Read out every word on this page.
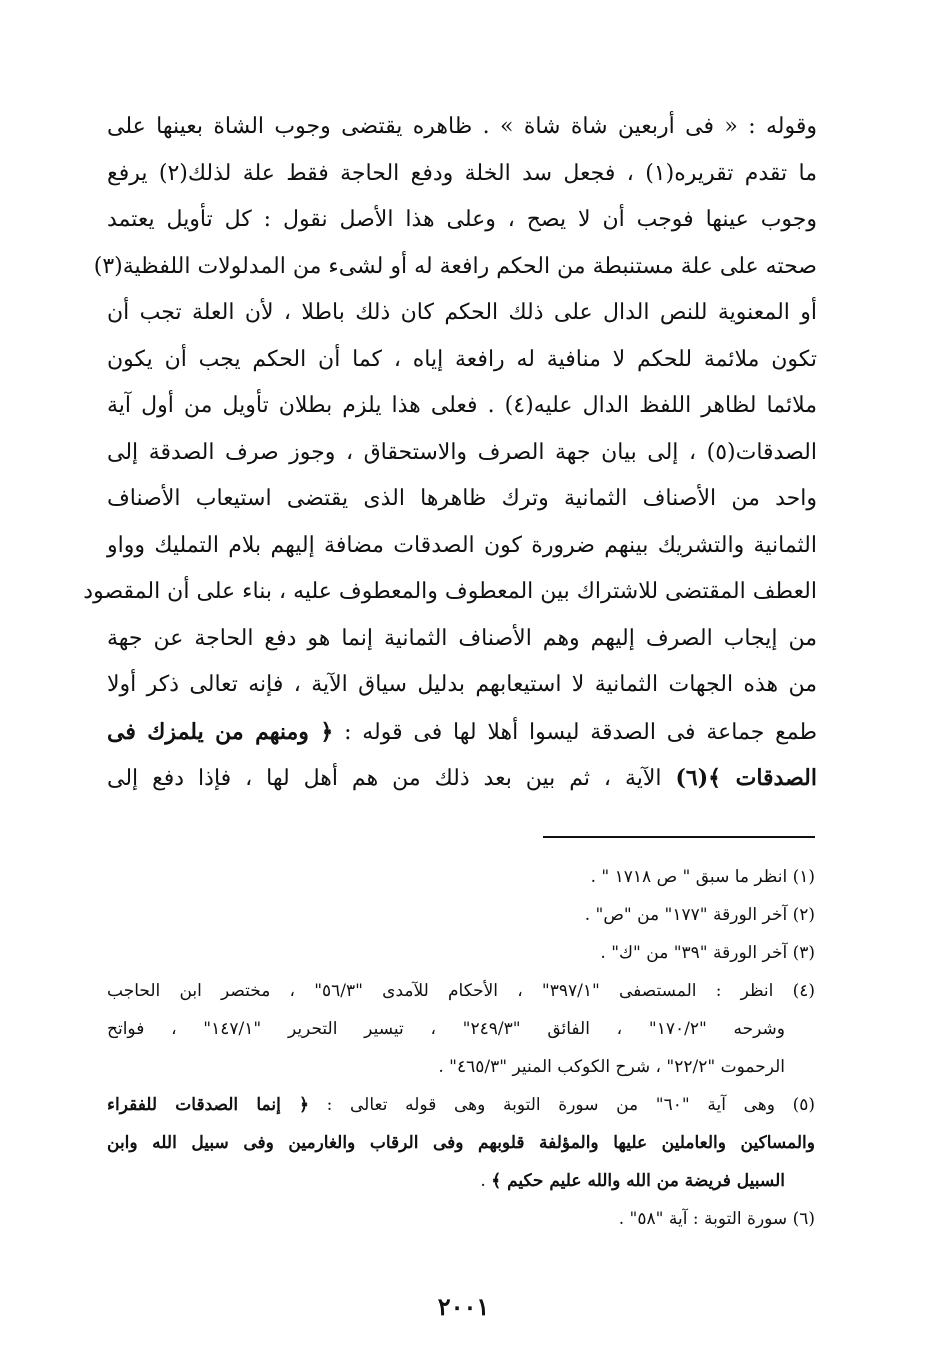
وقوله : « فى أربعين شاة شاة » . ظاهره يقتضى وجوب الشاة بعينها على
ما تقدم تقريره(١) ، فجعل سد الخلة ودفع الحاجة فقط علة لذلك(٢) يرفع
وجوب عينها فوجب أن لا يصح ، وعلى هذا الأصل نقول : كل تأويل يعتمد
صحته على علة مستنبطة من الحكم رافعة له أو لشىء من المدلولات اللفظية(٣)
أو المعنوية للنص الدال على ذلك الحكم كان ذلك باطلا ، لأن العلة تجب أن
تكون ملائمة للحكم لا منافية له رافعة إياه ، كما أن الحكم يجب أن يكون
ملائما لظاهر اللفظ الدال عليه(٤) . فعلى هذا يلزم بطلان تأويل من أول آية
الصدقات(٥) ، إلى بيان جهة الصرف والاستحقاق ، وجوز صرف الصدقة إلى
واحد من الأصناف الثمانية وترك ظاهرها الذى يقتضى استيعاب الأصناف
الثمانية والتشريك بينهم ضرورة كون الصدقات مضافة إليهم بلام التمليك وواو
العطف المقتضى للاشتراك بين المعطوف والمعطوف عليه ، بناء على أن المقصود
من إيجاب الصرف إليهم وهم الأصناف الثمانية إنما هو دفع الحاجة عن جهة
من هذه الجهات الثمانية لا استيعابهم بدليل سياق الآية ، فإنه تعالى ذكر أولا
طمع جماعة فى الصدقة ليسوا أهلا لها فى قوله : ﴿ ومنهم من يلمزك فى
الصدقات ﴾(٦) الآية ، ثم بين بعد ذلك من هم أهل لها ، فإذا دفع إلى
(١) انظر ما سبق " ص ١٧١٨ " .
(٢) آخر الورقة "١٧٧" من "ص" .
(٣) آخر الورقة "٣٩" من "ك" .
(٤) انظر : المستصفى "٣٩٧/١" ، الأحكام للآمدى "٥٦/٣" ، مختصر ابن الحاجب
وشرحه "١٧٠/٢" ، الفائق "٢٤٩/٣" ، تيسير التحرير "١٤٧/١" ، فواتح
الرحموت "٢٢/٢" ، شرح الكوكب المنير "٤٦٥/٣" .
(٥) وهى آية "٦٠" من سورة التوبة وهى قوله تعالى : ﴿ إنما الصدقات للفقراء
والمساكين والعاملين عليها والمؤلفة قلوبهم وفى الرقاب والغارمين وفى سبيل الله وابن
السبيل فريضة من الله والله عليم حكيم ﴾ .
(٦) سورة التوبة : آية "٥٨" .
٢٠٠١
